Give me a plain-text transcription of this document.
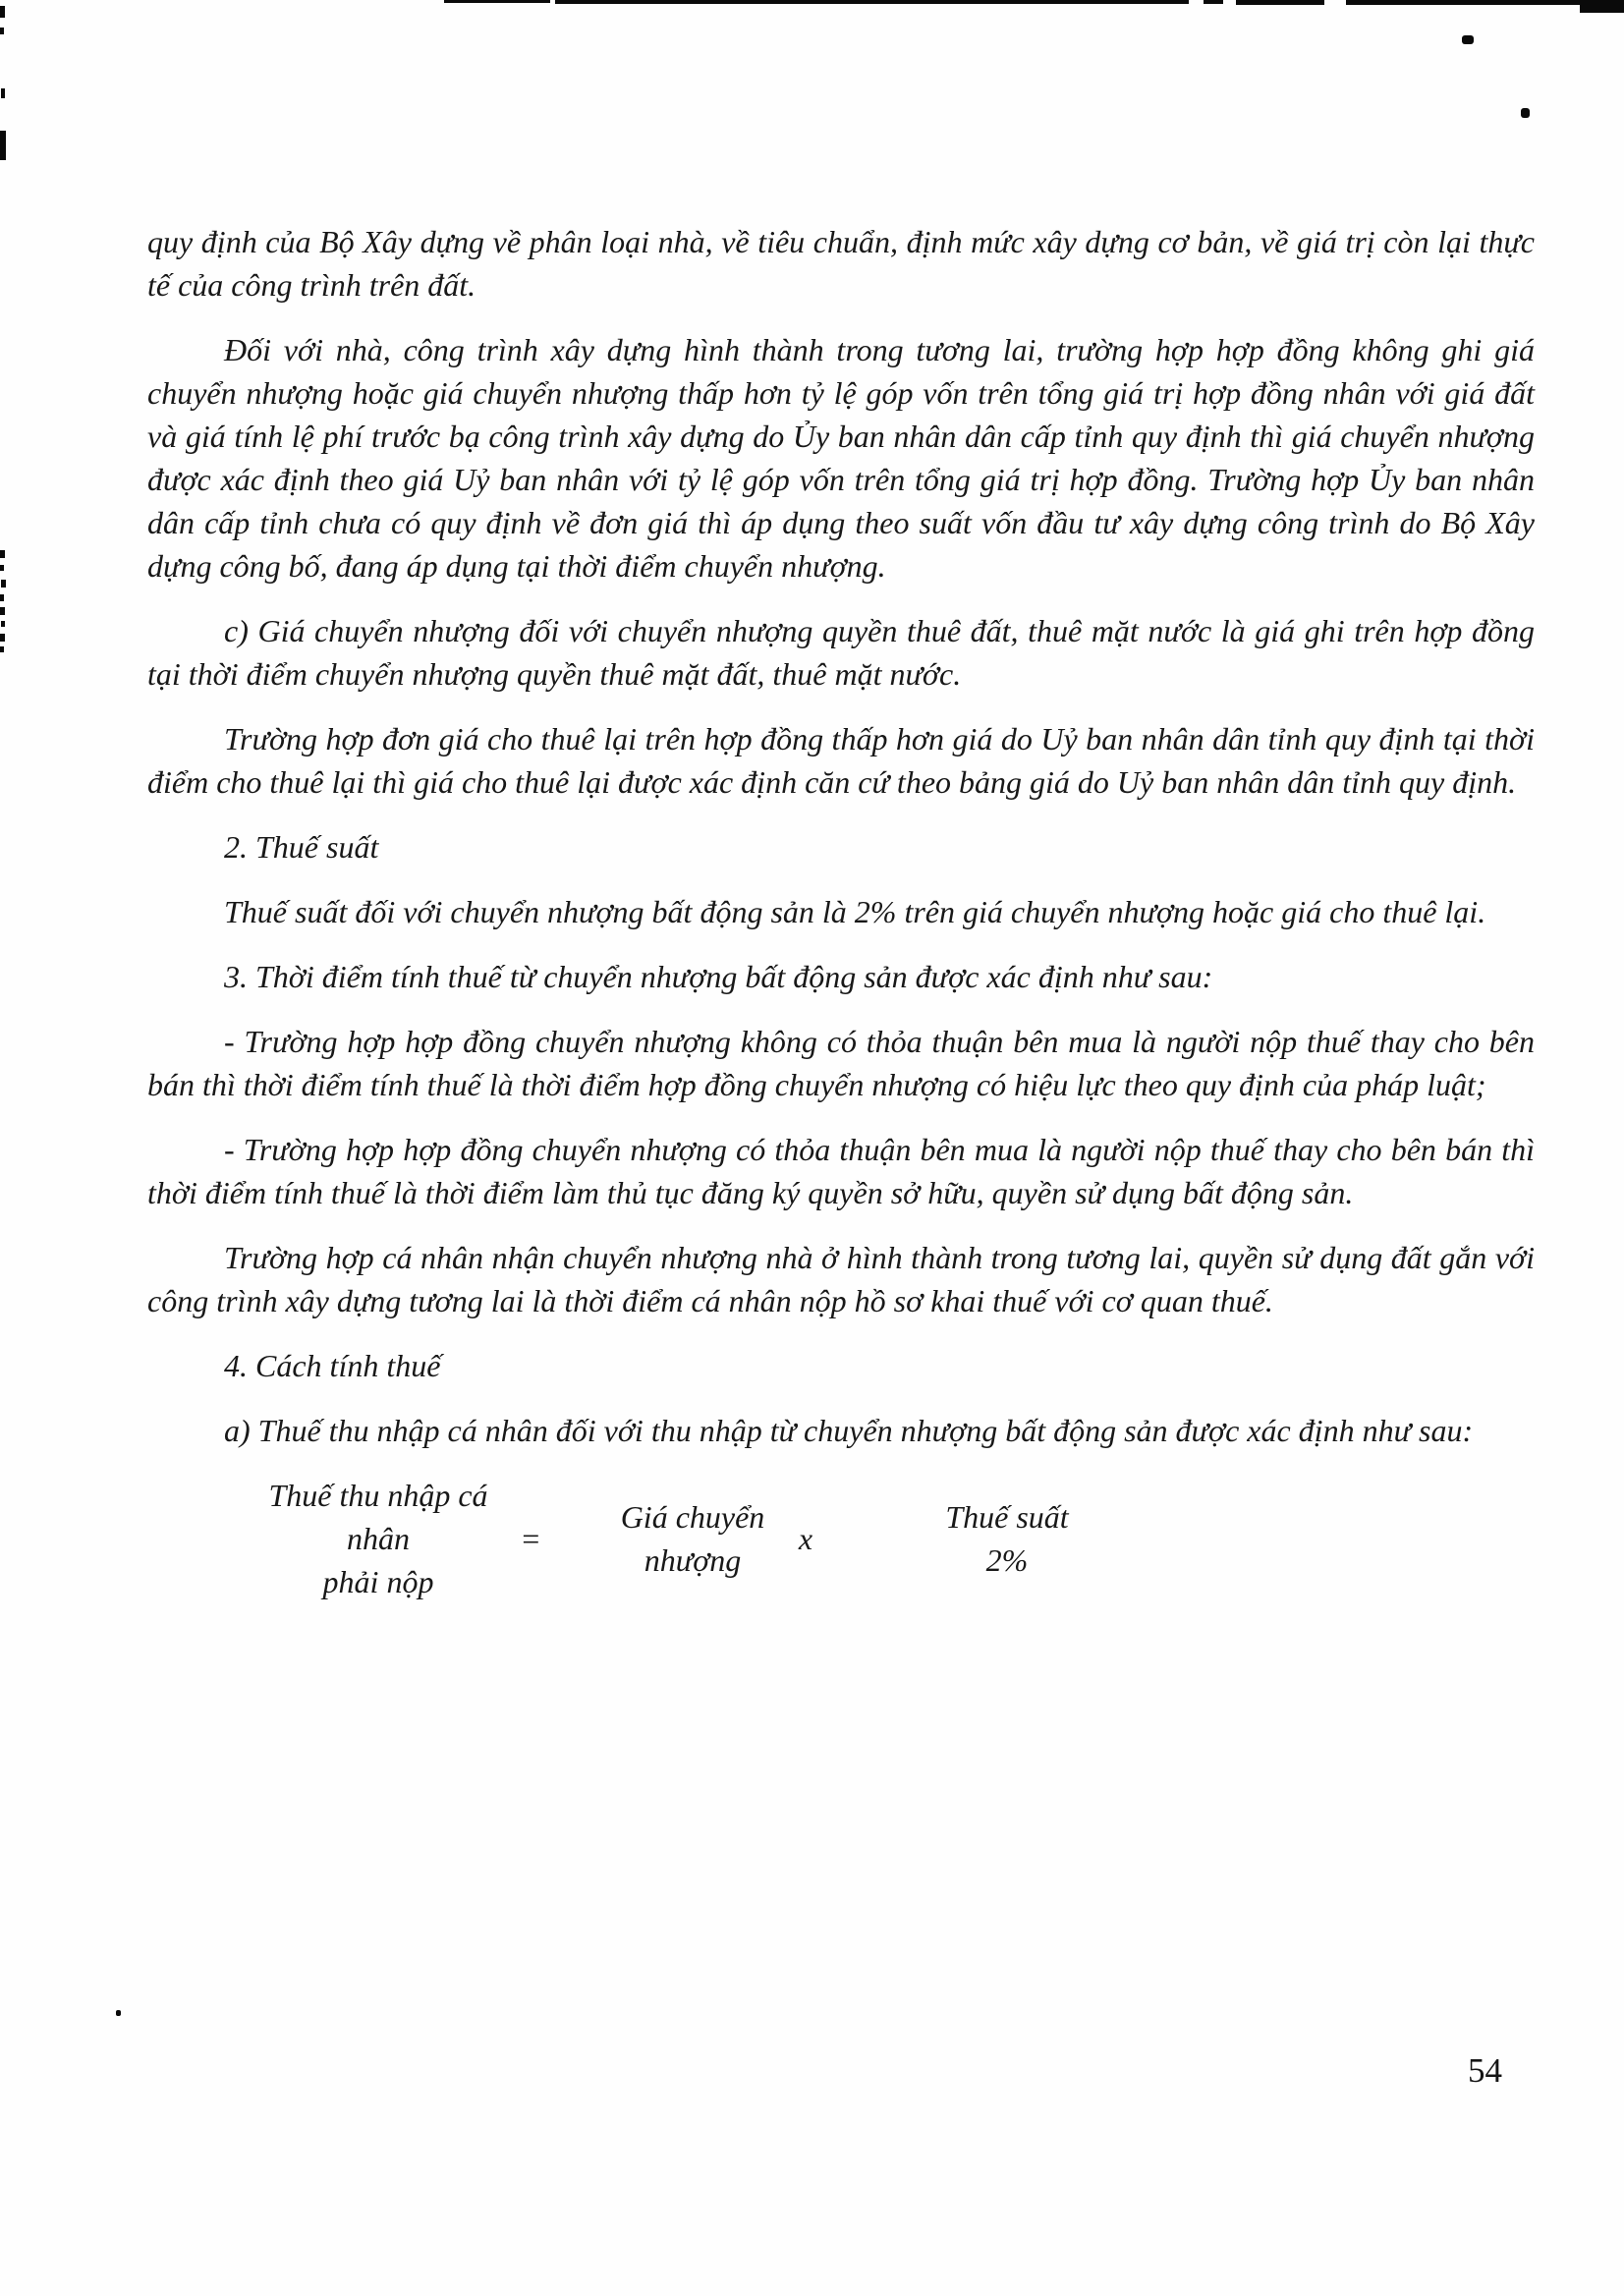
quy định của Bộ Xây dựng về phân loại nhà, về tiêu chuẩn, định mức xây dựng cơ bản, về giá trị còn lại thực tế của công trình trên đất.

Đối với nhà, công trình xây dựng hình thành trong tương lai, trường hợp hợp đồng không ghi giá chuyển nhượng hoặc giá chuyển nhượng thấp hơn tỷ lệ góp vốn trên tổng giá trị hợp đồng nhân với giá đất và giá tính lệ phí trước bạ công trình xây dựng do Ủy ban nhân dân cấp tỉnh quy định thì giá chuyển nhượng được xác định theo giá Uỷ ban nhân với tỷ lệ góp vốn trên tổng giá trị hợp đồng. Trường hợp Ủy ban nhân dân cấp tỉnh chưa có quy định về đơn giá thì áp dụng theo suất vốn đầu tư xây dựng công trình do Bộ Xây dựng công bố, đang áp dụng tại thời điểm chuyển nhượng.

c) Giá chuyển nhượng đối với chuyển nhượng quyền thuê đất, thuê mặt nước là giá ghi trên hợp đồng tại thời điểm chuyển nhượng quyền thuê mặt đất, thuê mặt nước.

Trường hợp đơn giá cho thuê lại trên hợp đồng thấp hơn giá do Uỷ ban nhân dân tỉnh quy định tại thời điểm cho thuê lại thì giá cho thuê lại được xác định căn cứ theo bảng giá do Uỷ ban nhân dân tỉnh quy định.

2. Thuế suất

Thuế suất đối với chuyển nhượng bất động sản là 2% trên giá chuyển nhượng hoặc giá cho thuê lại.

3. Thời điểm tính thuế từ chuyển nhượng bất động sản được xác định như sau:

- Trường hợp hợp đồng chuyển nhượng không có thỏa thuận bên mua là người nộp thuế thay cho bên bán thì thời điểm tính thuế là thời điểm hợp đồng chuyển nhượng có hiệu lực theo quy định của pháp luật;

- Trường hợp hợp đồng chuyển nhượng có thỏa thuận bên mua là người nộp thuế thay cho bên bán thì thời điểm tính thuế là thời điểm làm thủ tục đăng ký quyền sở hữu, quyền sử dụng bất động sản.

Trường hợp cá nhân nhận chuyển nhượng nhà ở hình thành trong tương lai, quyền sử dụng đất gắn với công trình xây dựng tương lai là thời điểm cá nhân nộp hồ sơ khai thuế với cơ quan thuế.

4. Cách tính thuế

a) Thuế thu nhập cá nhân đối với thu nhập từ chuyển nhượng bất động sản được xác định như sau:

Thuế thu nhập cá nhân
phải nộp
=
Giá chuyển
nhượng
x
Thuế suất
2%
54
